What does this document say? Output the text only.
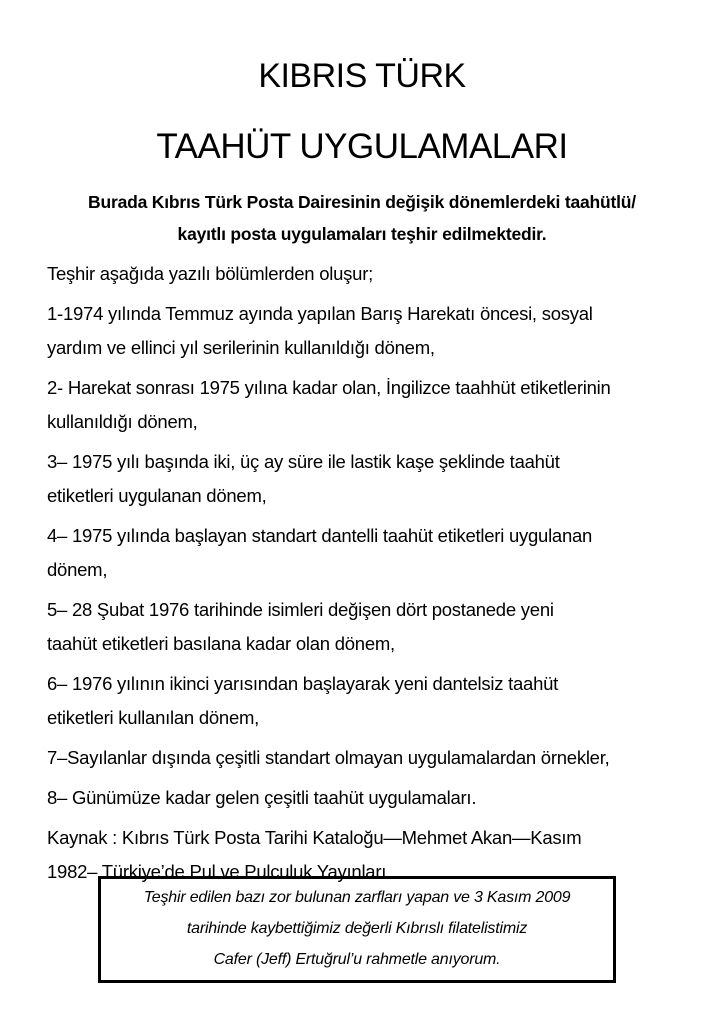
KIBRIS TÜRK
TAAHÜT UYGULAMALARI
Burada Kıbrıs Türk Posta Dairesinin değişik dönemlerdeki taahütlü/
kayıtlı posta uygulamaları teşhir edilmektedir.

Teşhir aşağıda yazılı bölümlerden oluşur;

1-1974 yılında Temmuz ayında yapılan Barış Harekatı öncesi, sosyal
yardım ve ellinci yıl serilerinin kullanıldığı dönem,

2- Harekat sonrası 1975 yılına kadar olan, İngilizce taahhüt etiketlerinin
kullanıldığı dönem,

3– 1975 yılı başında iki, üç ay süre ile lastik kaşe şeklinde taahüt
etiketleri uygulanan dönem,

4– 1975 yılında başlayan standart dantelli taahüt etiketleri uygulanan
dönem,

5– 28 Şubat 1976 tarihinde isimleri değişen dört postanede yeni
taahüt etiketleri basılana kadar olan dönem,

6– 1976 yılının ikinci yarısından başlayarak yeni dantelsiz taahüt
etiketleri kullanılan dönem,

7–Sayılanlar dışında çeşitli standart olmayan uygulamalardan örnekler,

8– Günümüze kadar gelen çeşitli taahüt uygulamaları.

Kaynak : Kıbrıs Türk Posta Tarihi Kataloğu—Mehmet Akan—Kasım
1982– Türkiye’de Pul ve Pulculuk Yayınları

Teşhir edilen bazı zor bulunan zarfları yapan ve 3 Kasım 2009

tarihinde kaybettiğimiz değerli Kıbrıslı filatelistimiz

Cafer (Jeff) Ertuğrul’u rahmetle anıyorum.
